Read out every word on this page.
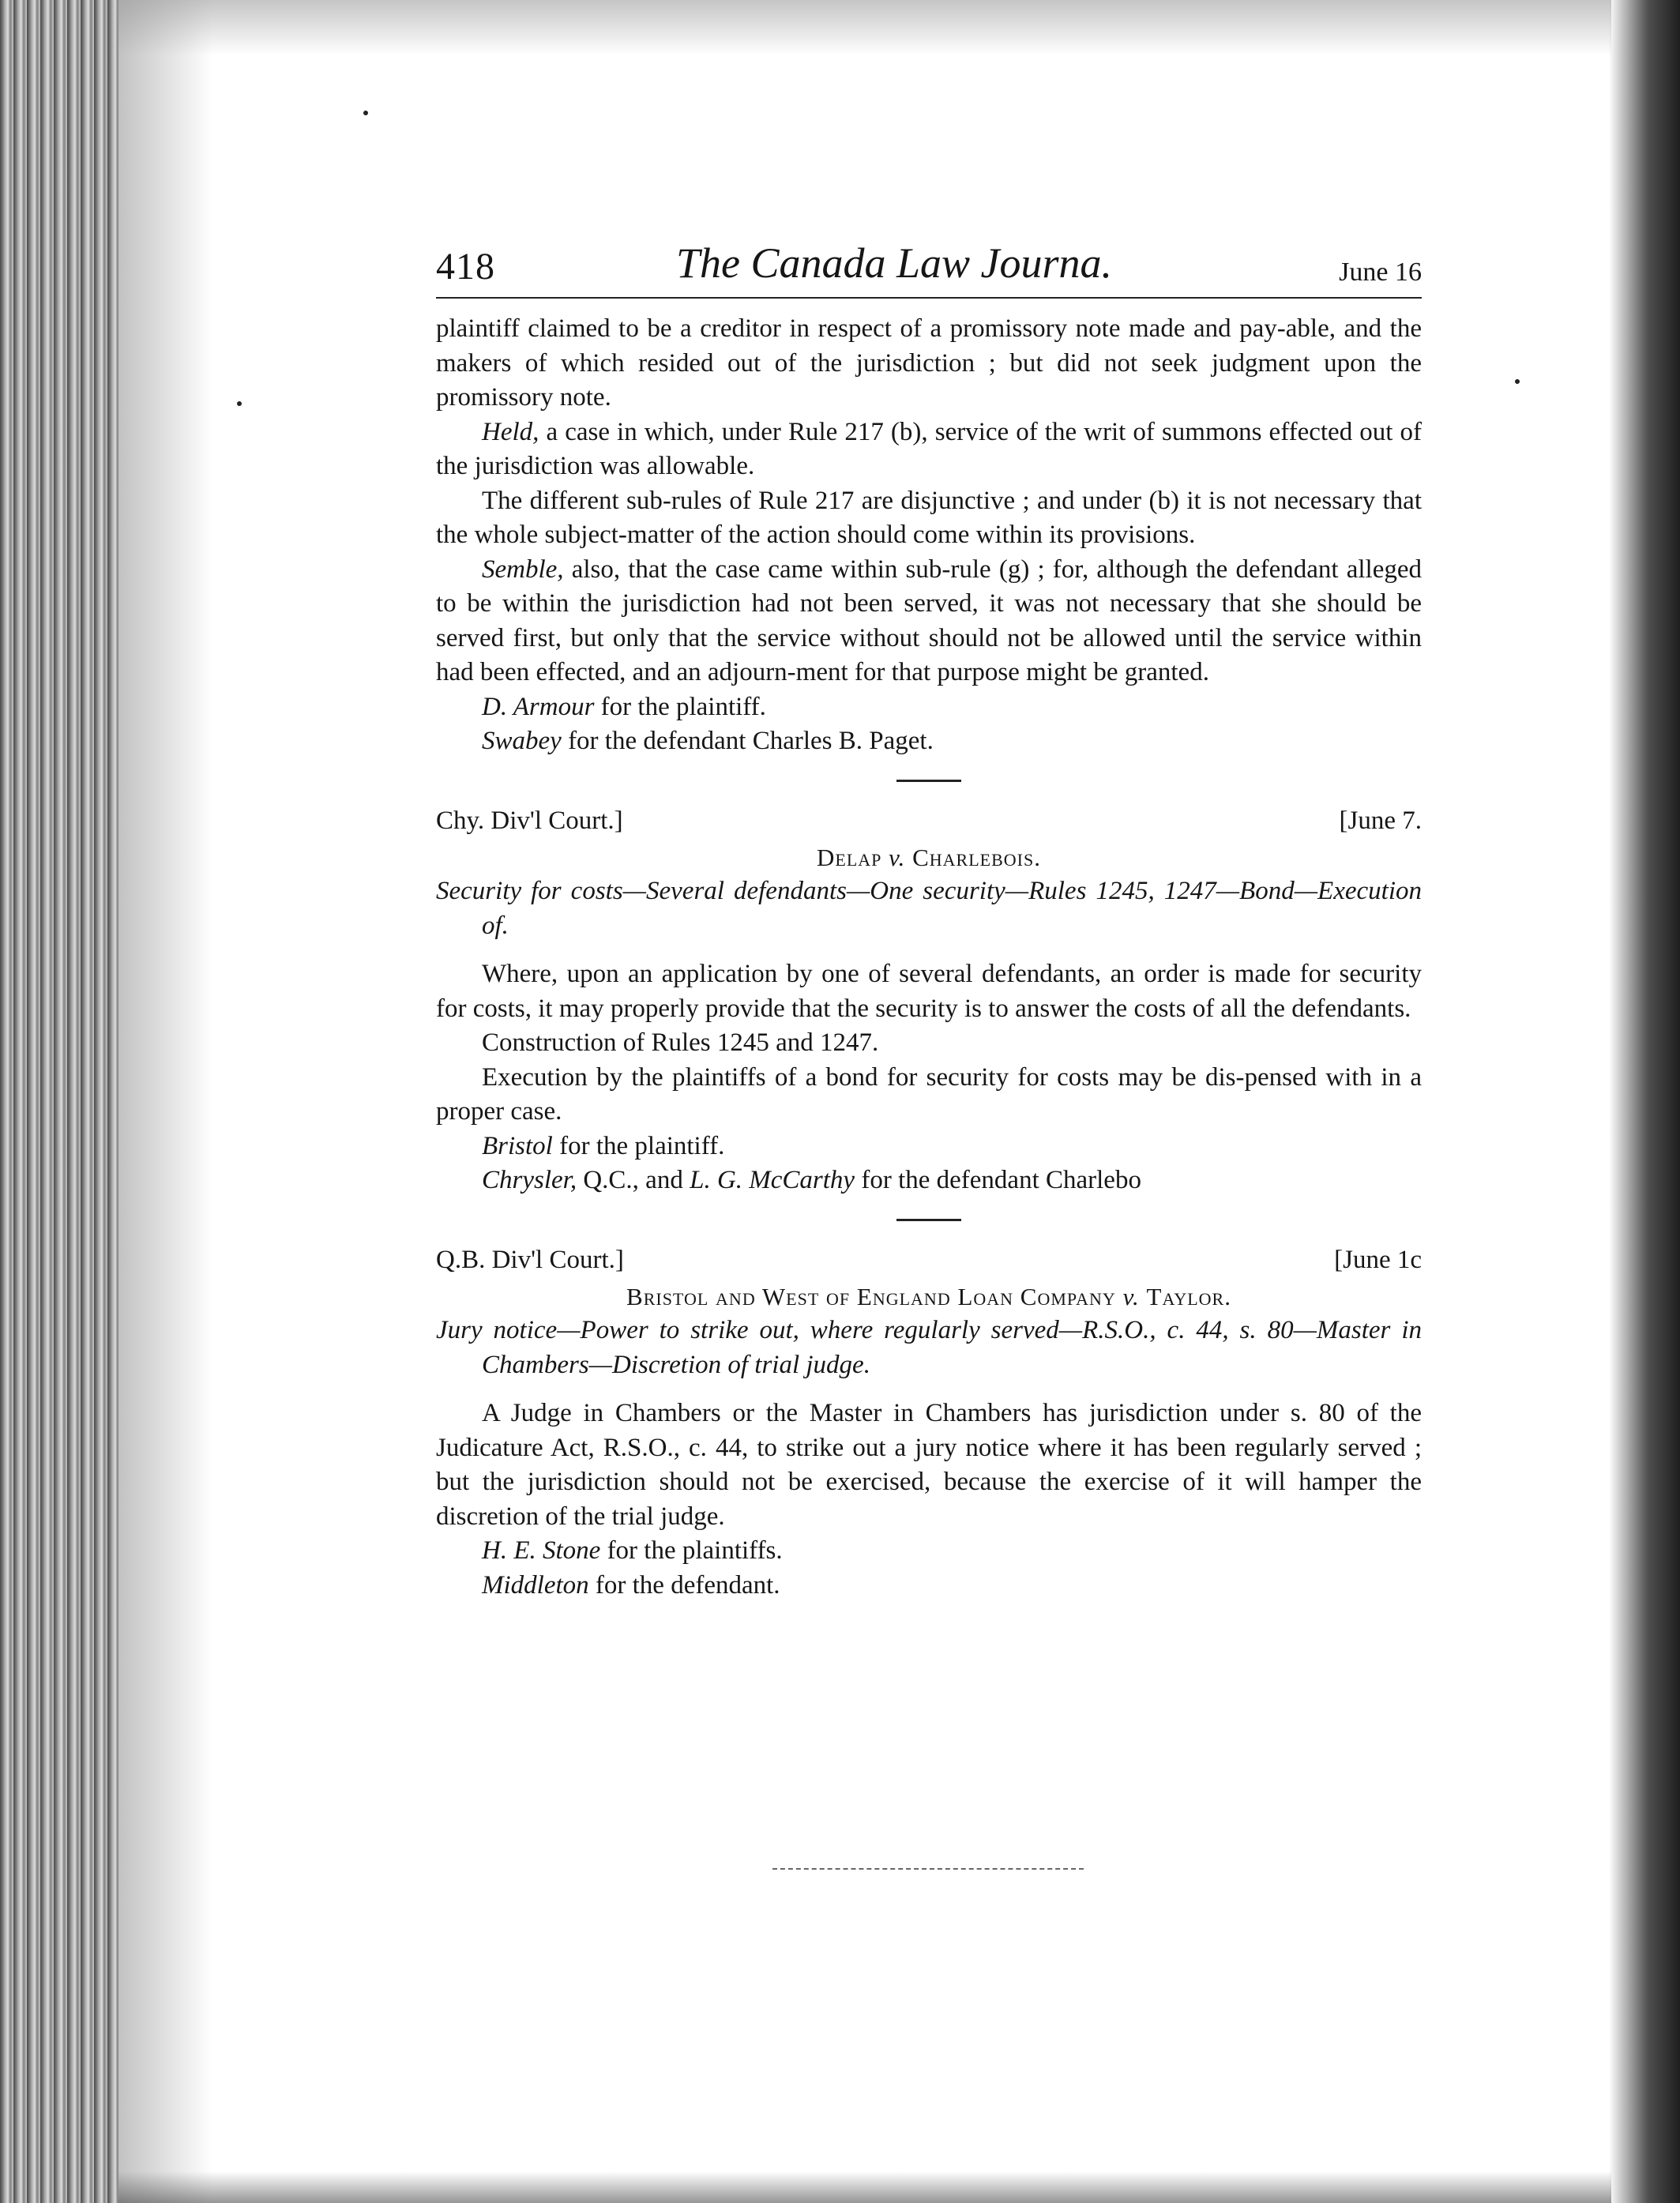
418	The Canada Law Journa.	June 16

plaintiff claimed to be a creditor in respect of a promissory note made and pay-able, and the makers of which resided out of the jurisdiction ; but did not seek judgment upon the promissory note.

Held, a case in which, under Rule 217 (b), service of the writ of summons effected out of the jurisdiction was allowable.

The different sub-rules of Rule 217 are disjunctive ; and under (b) it is not necessary that the whole subject-matter of the action should come within its provisions.

Semble, also, that the case came within sub-rule (g) ; for, although the defendant alleged to be within the jurisdiction had not been served, it was not necessary that she should be served first, but only that the service without should not be allowed until the service within had been effected, and an adjourn-ment for that purpose might be granted.

D. Armour for the plaintiff.

Swabey for the defendant Charles B. Paget.

Chy. Div'l Court.]	[June 7.

Delap v. Charlebois.

Security for costs—Several defendants—One security—Rules 1245, 1247—Bond—Execution of.

Where, upon an application by one of several defendants, an order is made for security for costs, it may properly provide that the security is to answer the costs of all the defendants.

Construction of Rules 1245 and 1247.

Execution by the plaintiffs of a bond for security for costs may be dis-pensed with in a proper case.

Bristol for the plaintiff.

Chrysler, Q.C., and L. G. McCarthy for the defendant Charlebo

Q.B. Div'l Court.]	[June 1c

Bristol and West of England Loan Company v. Taylor.

Jury notice—Power to strike out, where regularly served—R.S.O., c. 44, s. 80—Master in Chambers—Discretion of trial judge.

A Judge in Chambers or the Master in Chambers has jurisdiction under s. 80 of the Judicature Act, R.S.O., c. 44, to strike out a jury notice where it has been regularly served ; but the jurisdiction should not be exercised, because the exercise of it will hamper the discretion of the trial judge.

H. E. Stone for the plaintiffs.

Middleton for the defendant.
